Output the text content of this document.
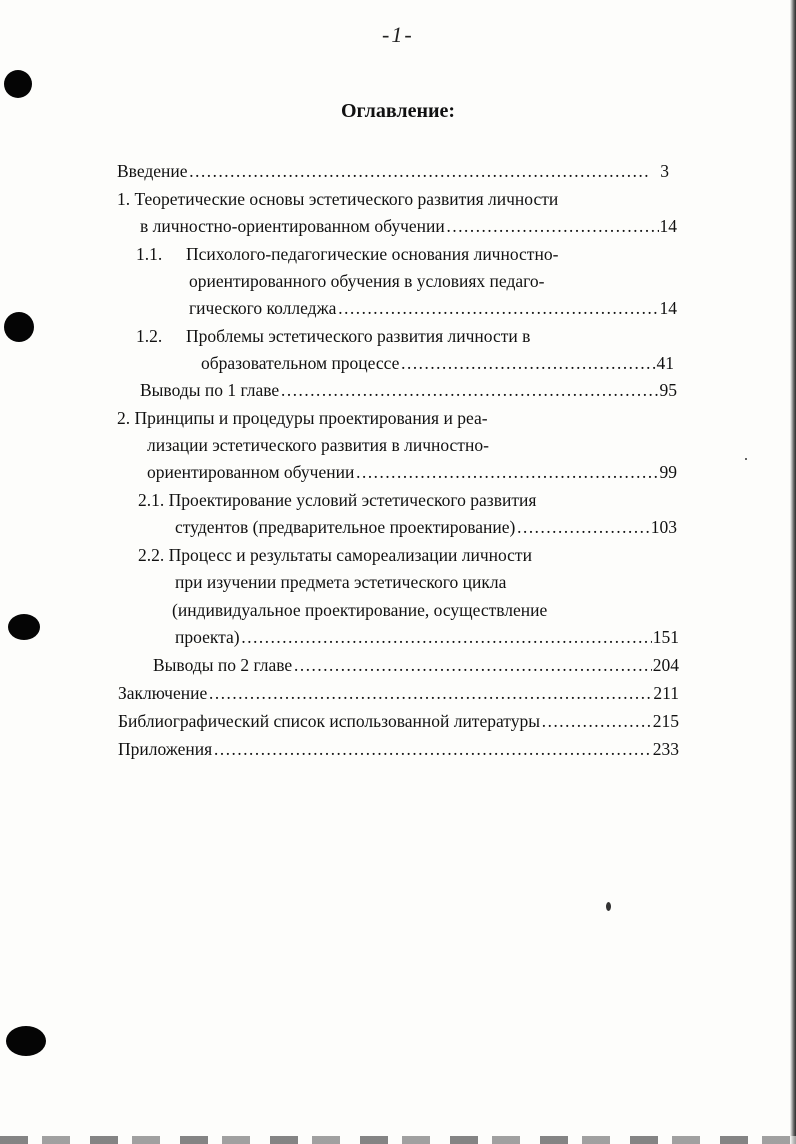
-1-
Оглавление:
Введение ……………………………………………………………………………………………………………………………	3
1. Теоретические основы эстетического развития личности
в личностно-ориентированном обучении ……………………………………………………………………………………………………………………………	14
1.1. Психолого-педагогические основания личностно-
ориентированного обучения в условиях педаго-
гического колледжа ……………………………………………………………………………………………………………………………	14
1.2. Проблемы эстетического развития личности в
образовательном процессе ……………………………………………………………………………………………………………………………	41
Выводы по 1 главе ……………………………………………………………………………………………………………………………	95
2. Принципы и процедуры проектирования и реа-
лизации эстетического развития в личностно-
ориентированном обучении ……………………………………………………………………………………………………………………………	99
2.1. Проектирование условий эстетического развития
студентов (предварительное проектирование) ……………………………………………………………………………………………………………………………	103
2.2. Процесс и результаты самореализации личности
при изучении предмета эстетического цикла
(индивидуальное проектирование, осуществление
проекта) ……………………………………………………………………………………………………………………………	151
Выводы по 2 главе ……………………………………………………………………………………………………………………………	204
Заключение ……………………………………………………………………………………………………………………………	211
Библиографический список использованной литературы ……………………………………………………………………………………………………………………………	215
Приложения ……………………………………………………………………………………………………………………………	233
